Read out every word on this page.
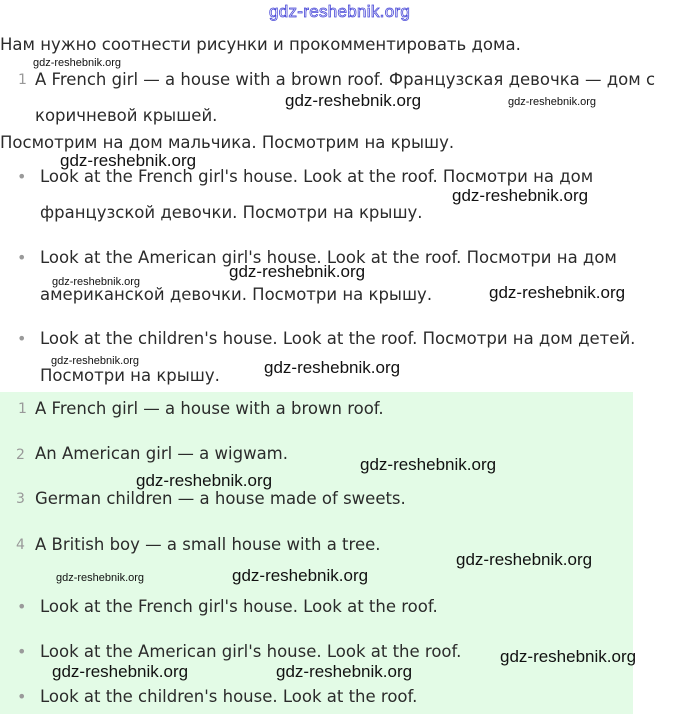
gdz-reshebnik.org
Нам нужно соотнести рисунки и прокомментировать дома.
1 A French girl — a house with a brown roof. Французская девочка — дом с
коричневой крышей.
Посмотрим на дом мальчика. Посмотрим на крышу.
• Look at the French girl's house. Look at the roof. Посмотри на дом
французской девочки. Посмотри на крышу.
• Look at the American girl's house. Look at the roof. Посмотри на дом
американской девочки. Посмотри на крышу.
• Look at the children's house. Look at the roof. Посмотри на дом детей.
Посмотри на крышу.
1 A French girl — a house with a brown roof.
2 An American girl — a wigwam.
3 German children — a house made of sweets.
4 A British boy — a small house with a tree.
• Look at the French girl's house. Look at the roof.
• Look at the American girl's house. Look at the roof.
• Look at the children's house. Look at the roof.
gdz-reshebnik.org
gdz-reshebnik.org	gdz-reshebnik.org
gdz-reshebnik.org
gdz-reshebnik.org
gdz-reshebnik.org
gdz-reshebnik.org
gdz-reshebnik.org
gdz-reshebnik.org	gdz-reshebnik.org
gdz-reshebnik.org
gdz-reshebnik.org
gdz-reshebnik.org
gdz-reshebnik.org	gdz-reshebnik.org
gdz-reshebnik.org
gdz-reshebnik.org	gdz-reshebnik.org
